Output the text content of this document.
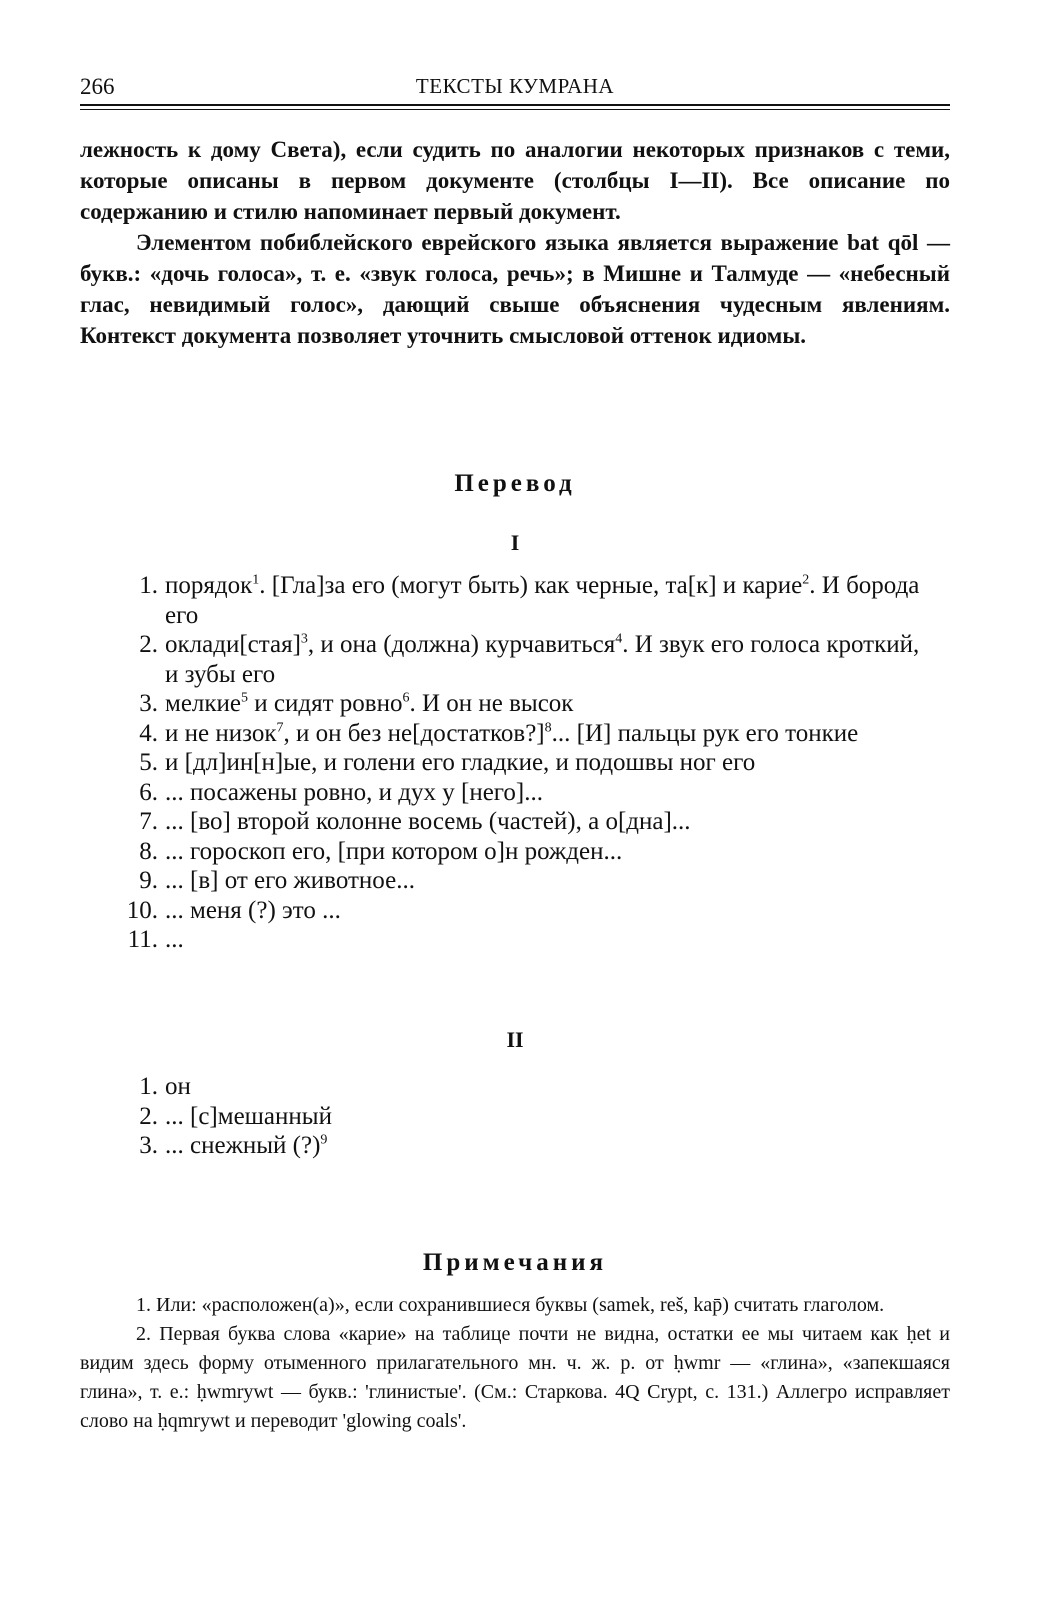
266	ТЕКСТЫ КУМРАНА

лежность к дому Света), если судить по аналогии некоторых признаков с теми, которые описаны в первом документе (столбцы I—II). Все описание по содержанию и стилю напоминает первый документ.

Элементом побиблейского еврейского языка является выражение bat qōl — букв.: «дочь голоса», т. е. «звук голоса, речь»; в Мишне и Талмуде — «небесный глас, невидимый голос», дающий свыше объяснения чудесным явлениям. Контекст документа позволяет уточнить смысловой оттенок идиомы.

Перевод
I
1. порядок$^1$. [Гла]за его (могут быть) как черные, та[к] и карие$^2$. И борода его
2. оклади[стая]$^3$, и она (должна) курчавиться$^4$. И звук его голоса кроткий, и зубы его
3. мелкие$^5$ и сидят ровно$^6$. И он не высок
4. и не низок$^7$, и он без не[достатков?]$^8$... [И] пальцы рук его тонкие
5. и [дл]ин[н]ые, и голени его гладкие, и подошвы ног его
6. ... посажены ровно, и дух у [него]...
7. ... [во] второй колонне восемь (частей), а о[дна]...
8. ... гороскоп его, [при котором о]н рожден...
9. ... [в] от его животное...
10. ... меня (?) это ...
11. ...
II
1. он
2. ... [с]мешанный
3. ... снежный (?)$^9$
Примечания

1. Или: «расположен(а)», если сохранившиеся буквы (samek, reš, kap̄) считать глаголом.

2. Первая буква слова «карие» на таблице почти не видна, остатки ее мы читаем как ḥet и видим здесь форму отыменного прилагательного мн. ч. ж. р. от ḥwmr — «глина», «запекшаяся глина», т. е.: ḥwmrywt — букв.: 'глинистые'. (См.: Старкова. 4Q Crypt, с. 131.) Аллегро исправляет слово на ḥqmrywt и переводит 'glowing coals'.
